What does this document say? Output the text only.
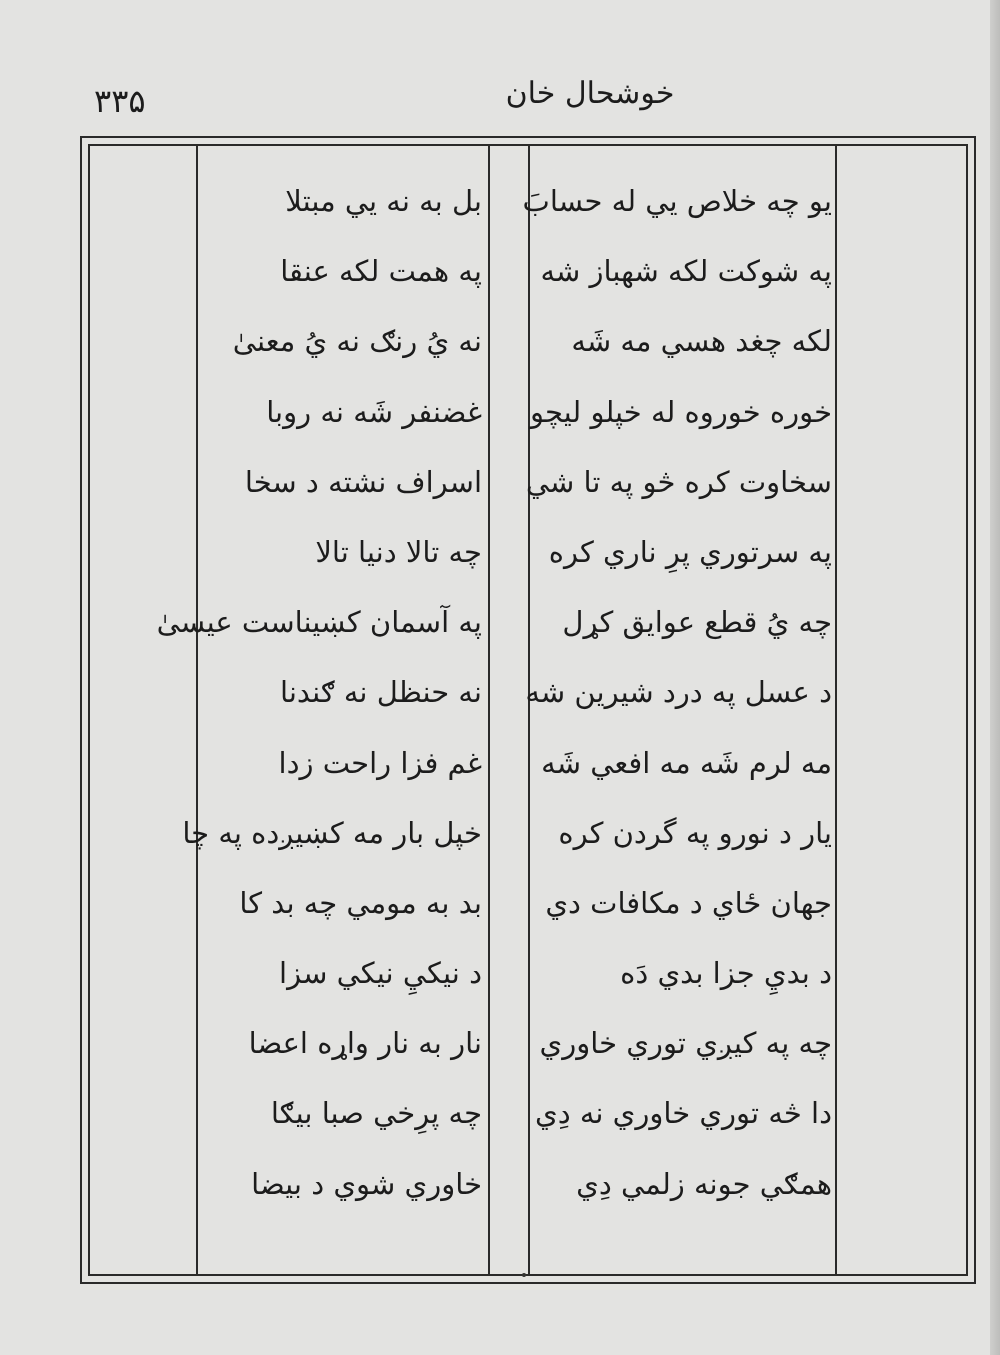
۳۳۵	خوشحال خان
يو چه خلاص يي له حسابَ
په شوکت لکه شهباز شه
لکه چغد هسي مه شَه
خوره خوروه له خپلو ليچو
سخاوت کره څو په تا شي
په سرتوري پرِ ناري کره
چه يُ قطع عوايق کړل
د عسل په درد شيرين شه
مه لرم شَه مه افعي شَه
يار د نورو په گردن کره
جهان ځاي د مکافات دي
د بديِ جزا بدي دَه
چه په کيږي توري خاوري
دا څه توري خاوري نه دِي
همګي جونه زلمي دِي
بل به نه يي مبتلا
په همت لکه عنقا
نه يُ رنګ نه يُ معنیٰ
غضنفر شَه نه روبا
اسراف نشته د سخا
چه تالا دنيا تالا
په آسمان کښيناست عيسیٰ
نه حنظل نه ګندنا
غم فزا راحت زدا
خپل بار مه کښيږده په چا
بد به مومي چه بد کا
د نيکيِ نيکي سزا
نار به نار واړه اعضا
چه پرِخي صبا بيګا
خاوري شوي د بيضا
